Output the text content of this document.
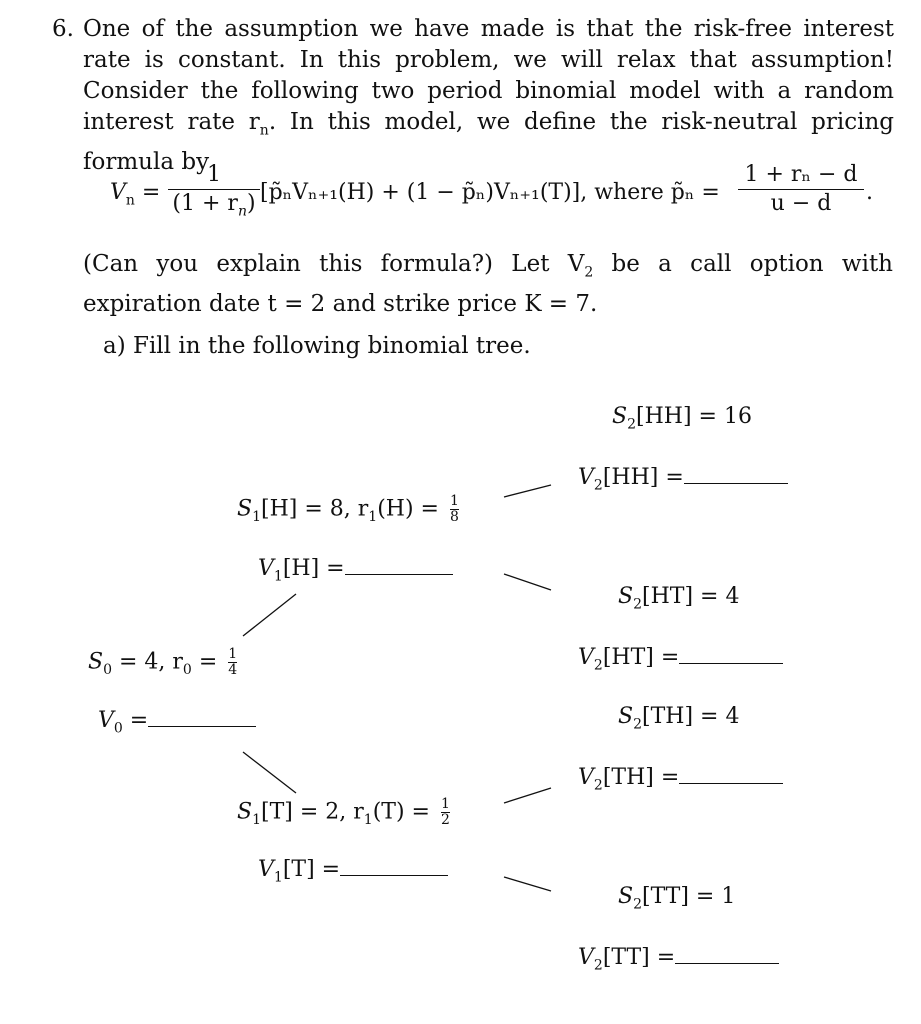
6. One of the assumption we have made is that the risk-free interest rate is constant. In this problem, we will relax that assumption! Consider the following two period binomial model with a random interest rate $r_n$. In this model, we define the risk-neutral pricing formula by

$V_n$ =
1
$(1 + r_n)$ [p̃ₙVₙ₊₁(H) + (1 − p̃ₙ)Vₙ₊₁(T)], where p̃ₙ =
1 + rₙ − d
u − d	.

(Can you explain this formula?) Let $V_2$ be a call option with expiration date t = 2 and strike price K = 7.

a) Fill in the following binomial tree.
$S_0 = 4$, $r_0 = \frac{1}{4}$
$V_0$ =
$S_1[H] = 8$, $r_1(H) = \frac{1}{8}$
$V_1[H]$ =
$S_1[T] = 2$, $r_1(T) = \frac{1}{2}$
$V_1[T]$ =
$S_2[HH] = 16$
$V_2[HH]$ =
$S_2[HT] = 4$
$V_2[HT]$ =
$S_2[TH] = 4$
$V_2[TH]$ =
$S_2[TT] = 1$
$V_2[TT]$ =
